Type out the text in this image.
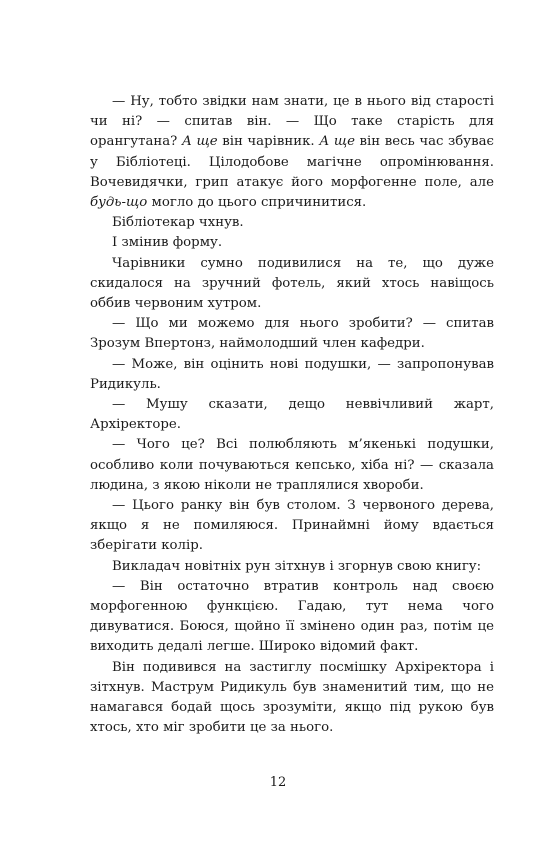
— Ну, тобто звідки нам знати, це в нього від старості чи ні? — спитав він. — Що таке старість для орангутана? А ще він чарівник. А ще він весь час збуває у Бібліотеці. Цілодобове магічне опромінювання. Вочевидячки, грип атакує його морфогенне поле, але будь-що могло до цього спричинитися.

Бібліотекар чхнув.

І змінив форму.

Чарівники сумно подивилися на те, що дуже скидалося на зручний фотель, який хтось навіщось оббив червоним хутром.

— Що ми можемо для нього зробити? — спитав Зрозум Впертонз, наймолодший член кафедри.

— Може, він оцінить нові подушки, — запропонував Ридикуль.

— Мушу сказати, дещо неввічливий жарт, Архіректоре.

— Чого це? Всі полюбляють м’якенькі подушки, особливо коли почуваються кепсько, хіба ні? — сказала людина, з якою ніколи не траплялися хвороби.

— Цього ранку він був столом. З червоного дерева, якщо я не помиляюся. Принаймні йому вдається зберігати колір.

Викладач новітніх рун зітхнув і згорнув свою книгу:

— Він остаточно втратив контроль над своєю морфогенною функцією. Гадаю, тут нема чого дивуватися. Боюся, щойно її змінено один раз, потім це виходить дедалі легше. Широко відомий факт.

Він подивився на застиглу посмішку Архіректора і зітхнув. Маструм Ридикуль був знаменитий тим, що не намагався бодай щось зрозуміти, якщо під рукою був хтось, хто міг зробити це за нього.

12
